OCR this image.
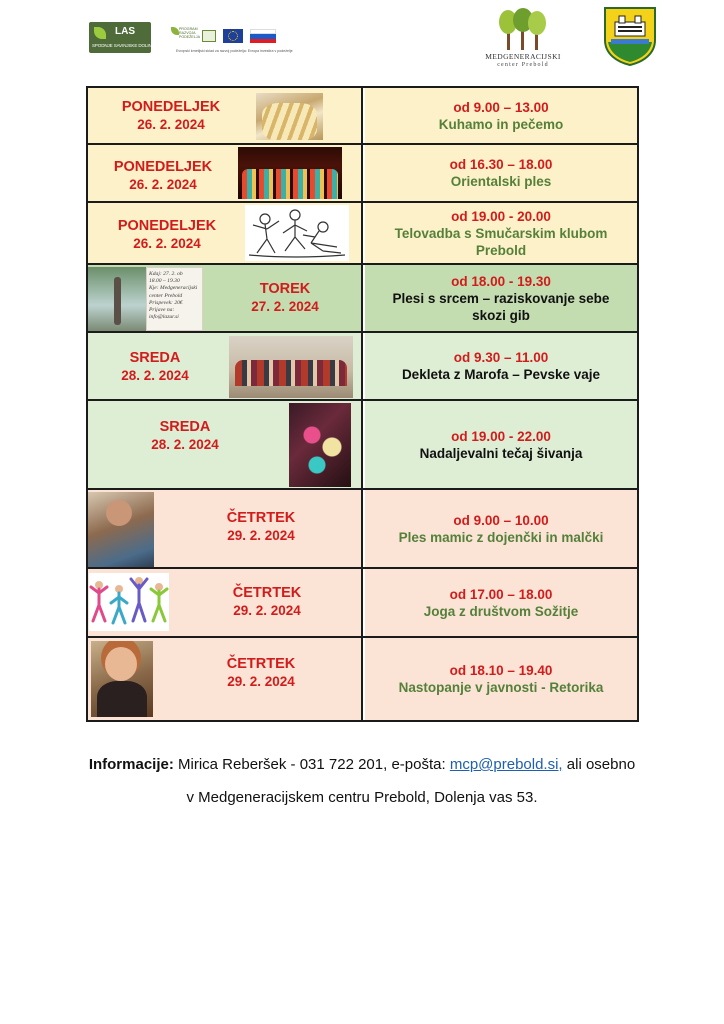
LAS
SPODNJE SAVINJSKE DOLINE
PROGRAM RAZVOJA PODEŽELJA
Evropski kmetijski sklad za razvoj podeželja: Evropa investira v podeželje
MEDGENERACIJSKI
center Prebold
PONEDELJEK
26. 2. 2024
od 9.00 – 13.00
Kuhamo in pečemo
PONEDELJEK
26. 2. 2024
od 16.30 – 18.00
Orientalski ples
PONEDELJEK
26. 2. 2024
od 19.00 - 20.00
Telovadba s Smučarskim klubom Prebold
Kdaj: 27. 2. ob
18.00 – 19.30
Kje: Medgeneracijski
center Prebold
Prispevek: 20€
Prijave na:
info@lazur.si
TOREK
27. 2. 2024
od 18.00 - 19.30
Plesi s srcem – raziskovanje sebe skozi gib
SREDA
28. 2. 2024
od 9.30 – 11.00
Dekleta z Marofa – Pevske vaje
SREDA
28. 2. 2024
od 19.00 - 22.00
Nadaljevalni tečaj šivanja
ČETRTEK
29. 2. 2024
od 9.00 – 10.00
Ples mamic z dojenčki in malčki
ČETRTEK
29. 2. 2024
od 17.00 – 18.00
Joga z društvom Sožitje
ČETRTEK
29. 2. 2024
od 18.10 – 19.40
Nastopanje v javnosti - Retorika
Informacije: Mirica Reberšek - 031 722 201, e-pošta: mcp@prebold.si, ali osebno
v Medgeneracijskem centru Prebold, Dolenja vas 53.
